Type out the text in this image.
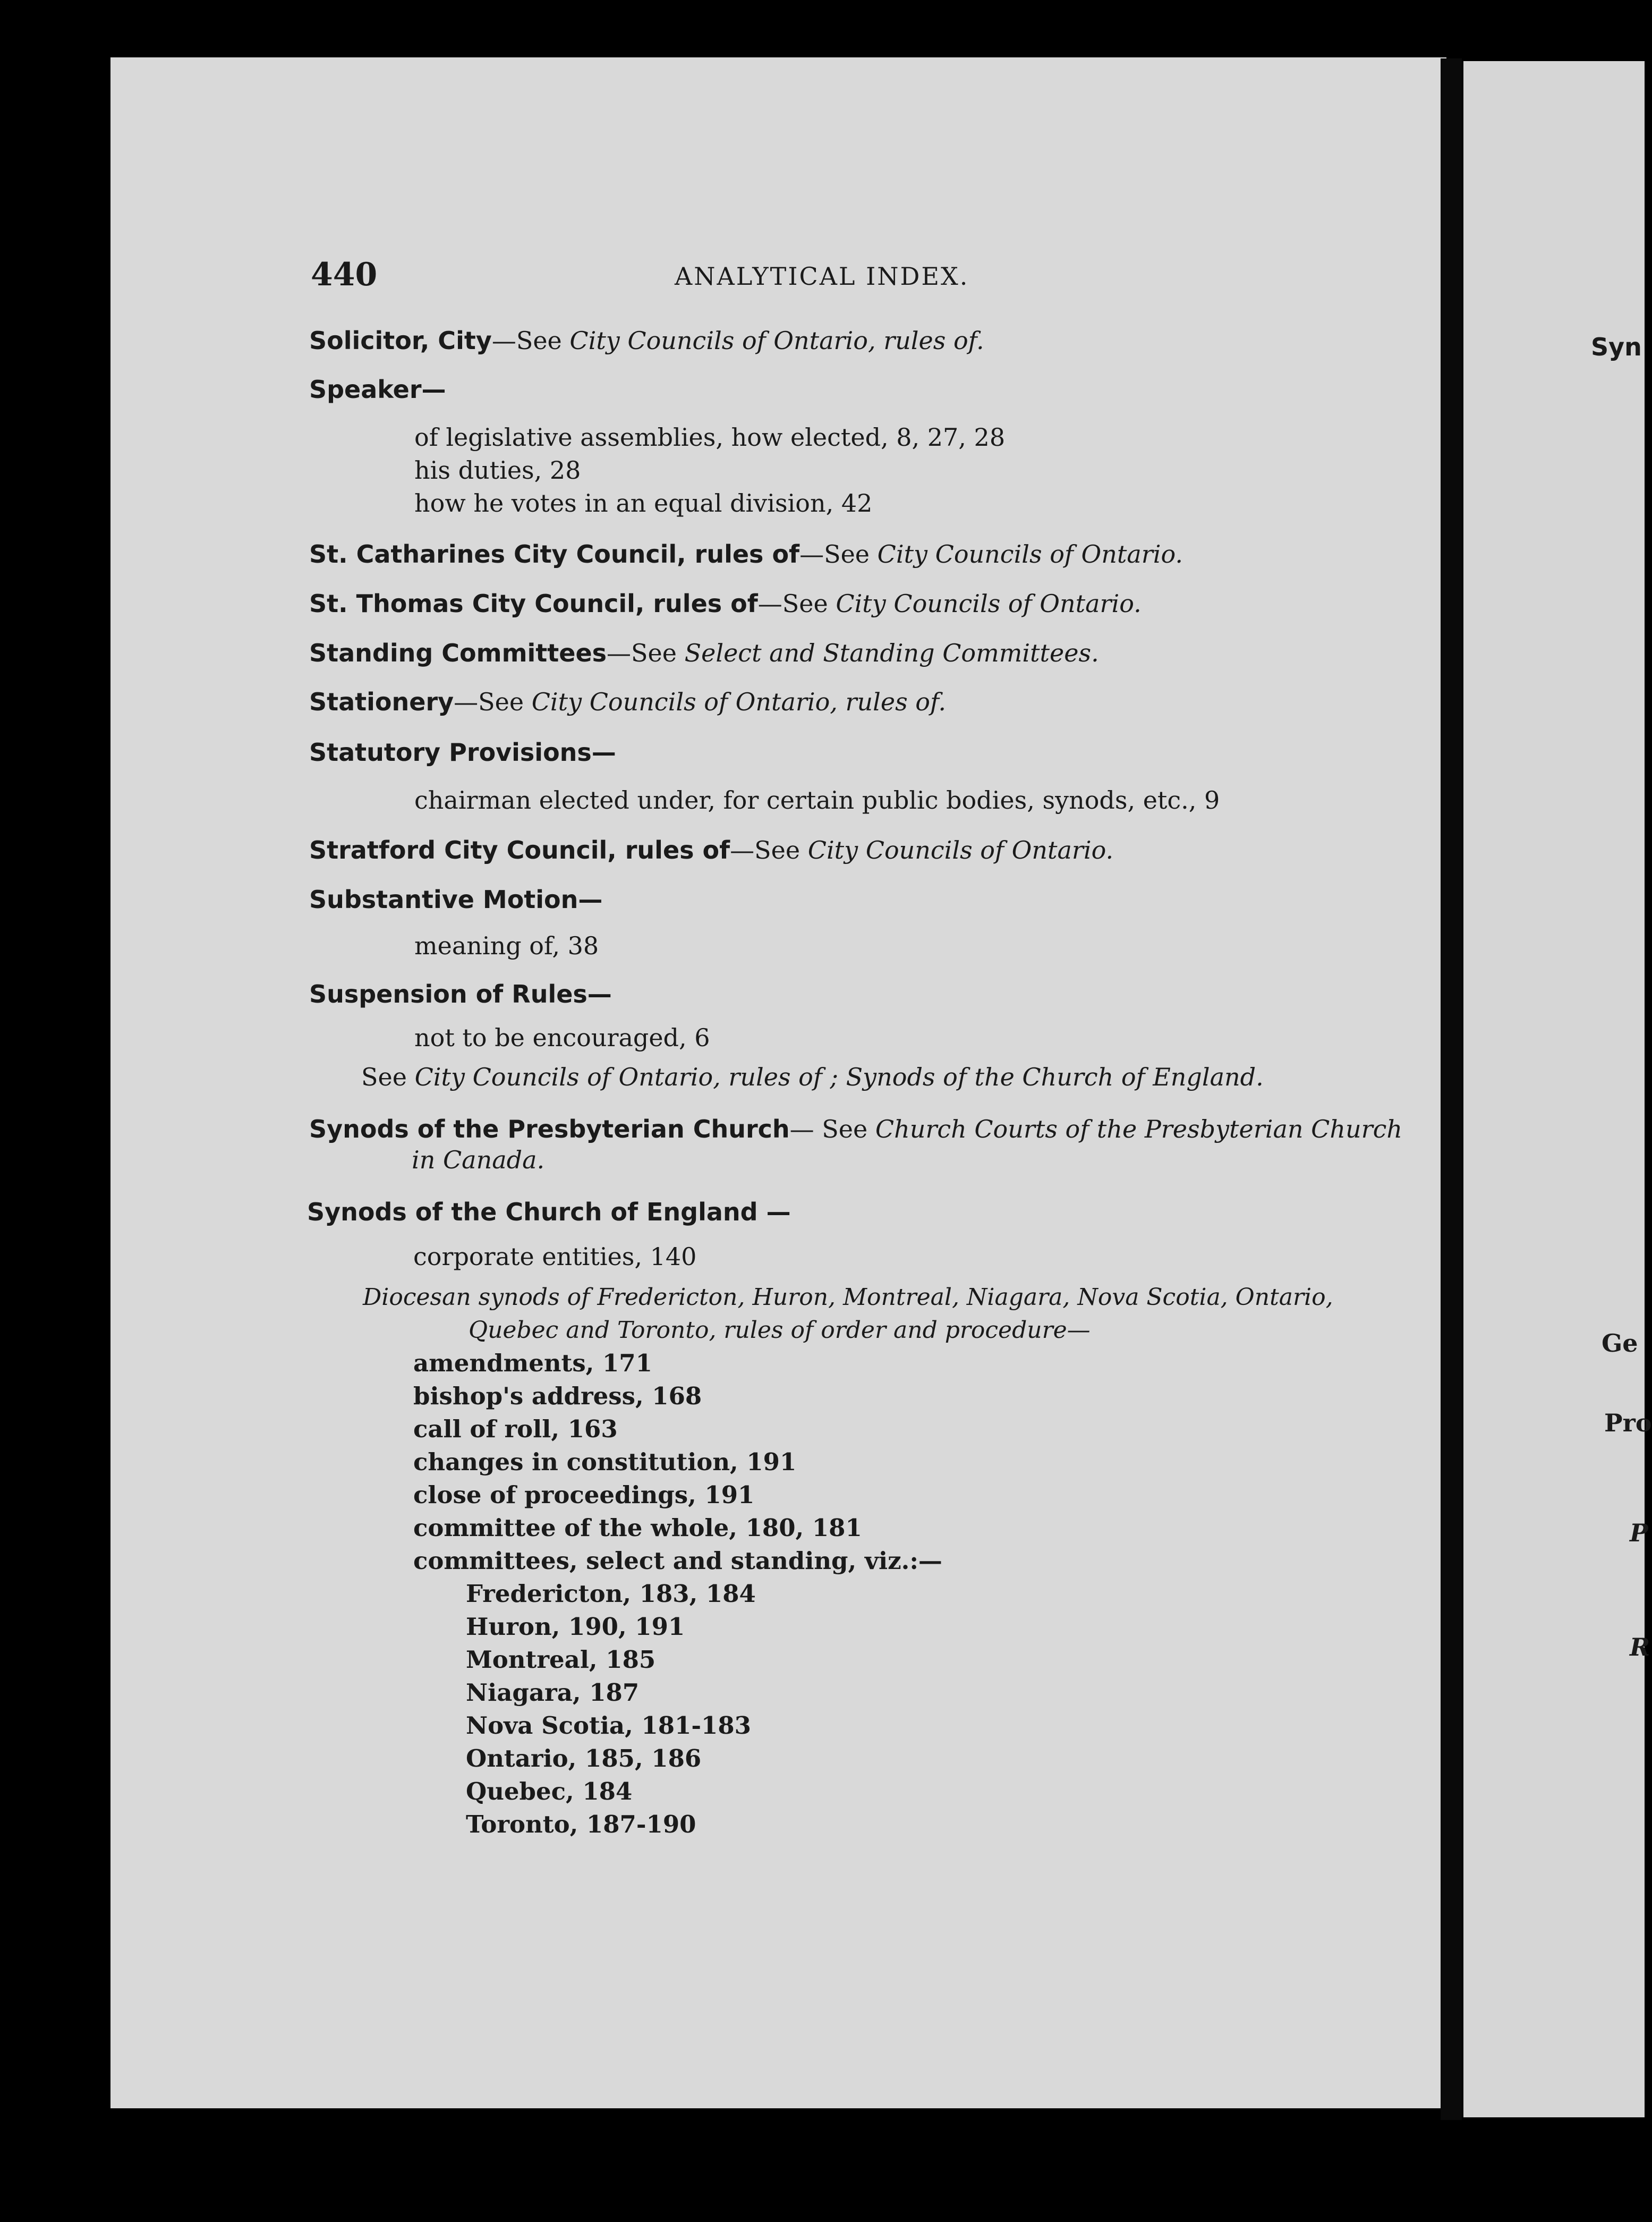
440	ANALYTICAL INDEX.
Solicitor, City—See City Councils of Ontario, rules of.
Speaker—
of legislative assemblies, how elected, 8, 27, 28
his duties, 28
how he votes in an equal division, 42
St. Catharines City Council, rules of—See City Councils of Ontario.
St. Thomas City Council, rules of—See City Councils of Ontario.
Standing Committees—See Select and Standing Committees.
Stationery—See City Councils of Ontario, rules of.
Statutory Provisions—
chairman elected under, for certain public bodies, synods, etc., 9
Stratford City Council, rules of—See City Councils of Ontario.
Substantive Motion—
meaning of, 38
Suspension of Rules—
not to be encouraged, 6
See City Councils of Ontario, rules of ; Synods of the Church of England.
Synods of the Presbyterian Church— See Church Courts of the Presbyterian Church
in Canada.
Synods of the Church of England —
corporate entities, 140
Diocesan synods of Fredericton, Huron, Montreal, Niagara, Nova Scotia, Ontario,
Quebec and Toronto, rules of order and procedure—
amendments, 171
bishop's address, 168
call of roll, 163
changes in constitution, 191
close of proceedings, 191
committee of the whole, 180, 181
committees, select and standing, viz.:—
Fredericton, 183, 184
Huron, 190, 191
Montreal, 185
Niagara, 187
Nova Scotia, 181-183
Ontario, 185, 186
Quebec, 184
Toronto, 187-190
Syn
Ge
Pro
P
R
